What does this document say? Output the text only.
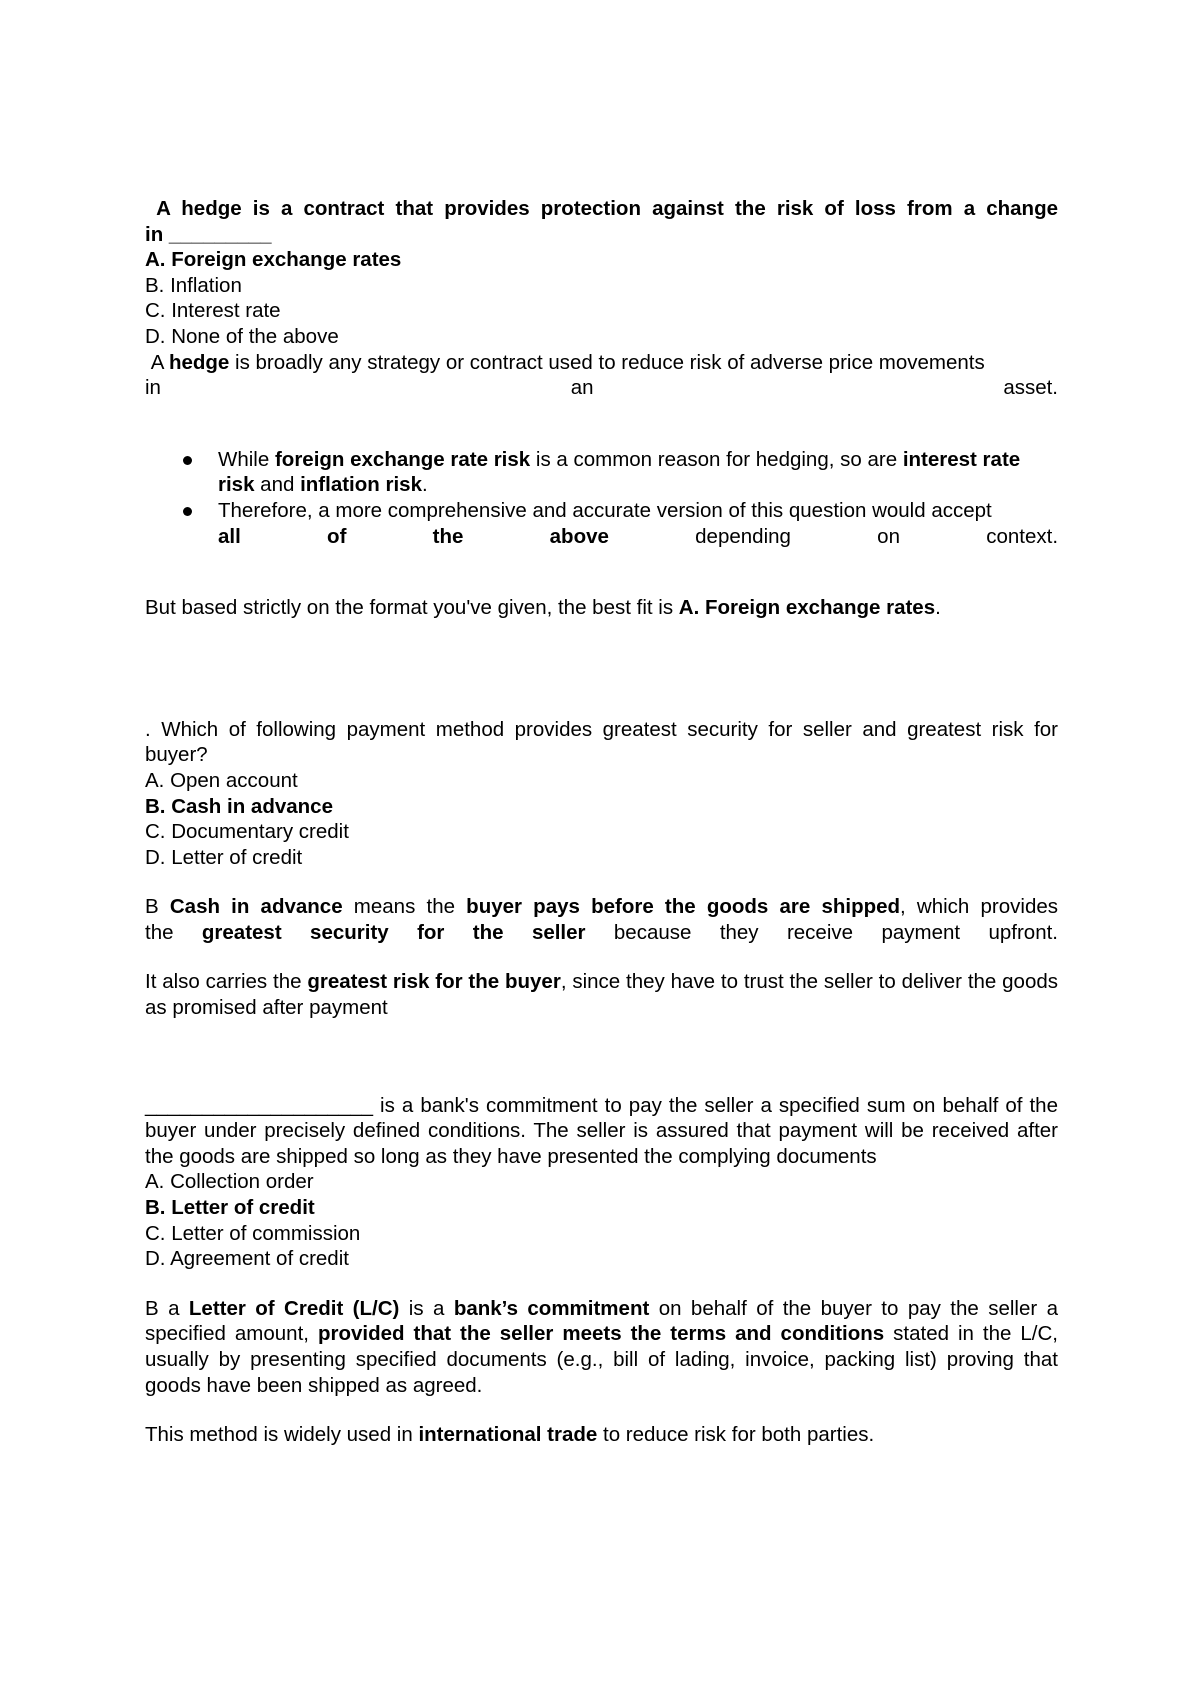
A hedge is a contract that provides protection against the risk of loss from a change
in _________
A. Foreign exchange rates
B. Inflation
C. Interest rate
D. None of the above
A hedge is broadly any strategy or contract used to reduce risk of adverse price movements
in	an	asset.
While foreign exchange rate risk is a common reason for hedging, so are interest rate risk and inflation risk.
Therefore, a more comprehensive and accurate version of this question would accept
all	of	the	above	depending	on	context.
But based strictly on the format you've given, the best fit is A. Foreign exchange rates.
. Which of following payment method provides greatest security for seller and greatest risk for buyer?
A. Open account
B. Cash in advance
C. Documentary credit
D. Letter of credit
B Cash in advance means the buyer pays before the goods are shipped, which provides
the greatest security for the seller because they receive payment upfront.
It also carries the greatest risk for the buyer, since they have to trust the seller to deliver the goods as promised after payment
____________________ is a bank's commitment to pay the seller a specified sum on behalf of the buyer under precisely defined conditions. The seller is assured that payment will be received after the goods are shipped so long as they have presented the complying documents
A. Collection order
B. Letter of credit
C. Letter of commission
D. Agreement of credit
B a Letter of Credit (L/C) is a bank’s commitment on behalf of the buyer to pay the seller a specified amount, provided that the seller meets the terms and conditions stated in the L/C, usually by presenting specified documents (e.g., bill of lading, invoice, packing list) proving that goods have been shipped as agreed.
This method is widely used in international trade to reduce risk for both parties.
